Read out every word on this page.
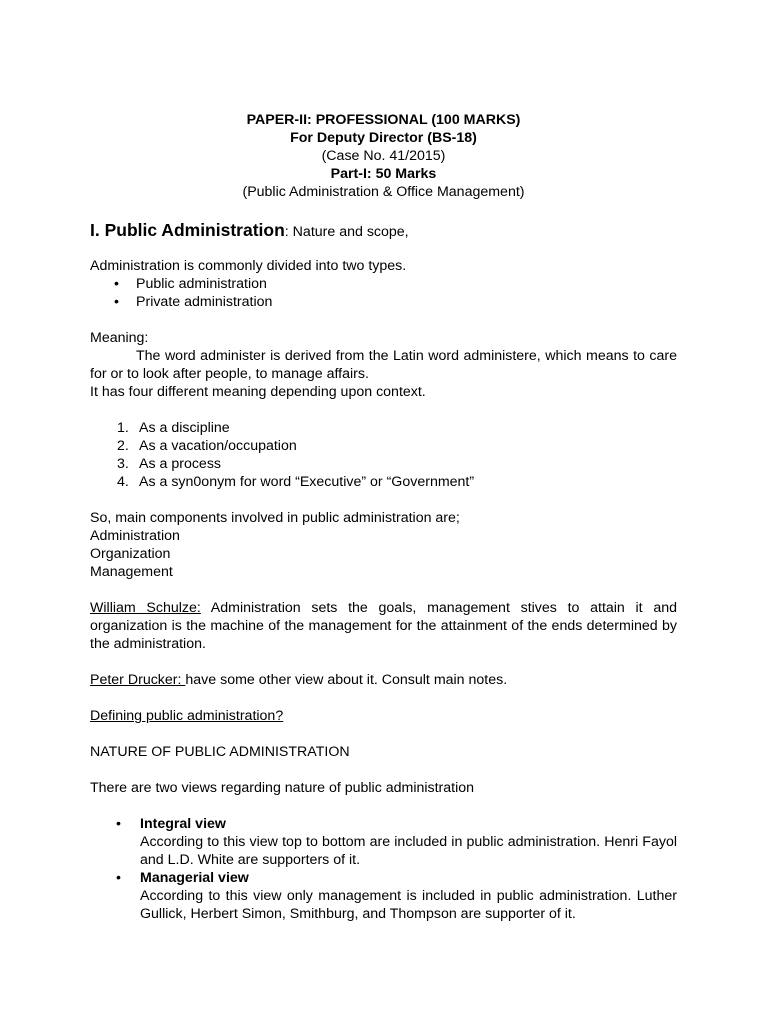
PAPER-II: PROFESSIONAL (100 MARKS)

For Deputy Director (BS-18)

(Case No. 41/2015)

Part-I: 50 Marks

(Public Administration & Office Management)

I. Public Administration: Nature and scope,

Administration is commonly divided into two types.

• Public administration
• Private administration

Meaning:

The word administer is derived from the Latin word administere, which means to care for or to look after people, to manage affairs.

It has four different meaning depending upon context.

1. As a discipline
2. As a vacation/occupation
3. As a process
4. As a syn0onym for word “Executive” or “Government”

So, main components involved in public administration are;

Administration

Organization

Management

William Schulze: Administration sets the goals, management stives to attain it and organization is the machine of the management for the attainment of the ends determined by the administration.

Peter Drucker: have some other view about it. Consult main notes.

Defining public administration?

NATURE OF PUBLIC ADMINISTRATION

There are two views regarding nature of public administration

• Integral view

According to this view top to bottom are included in public administration. Henri Fayol and L.D. White are supporters of it.

• Managerial view

According to this view only management is included in public administration. Luther Gullick, Herbert Simon, Smithburg, and Thompson are supporter of it.
